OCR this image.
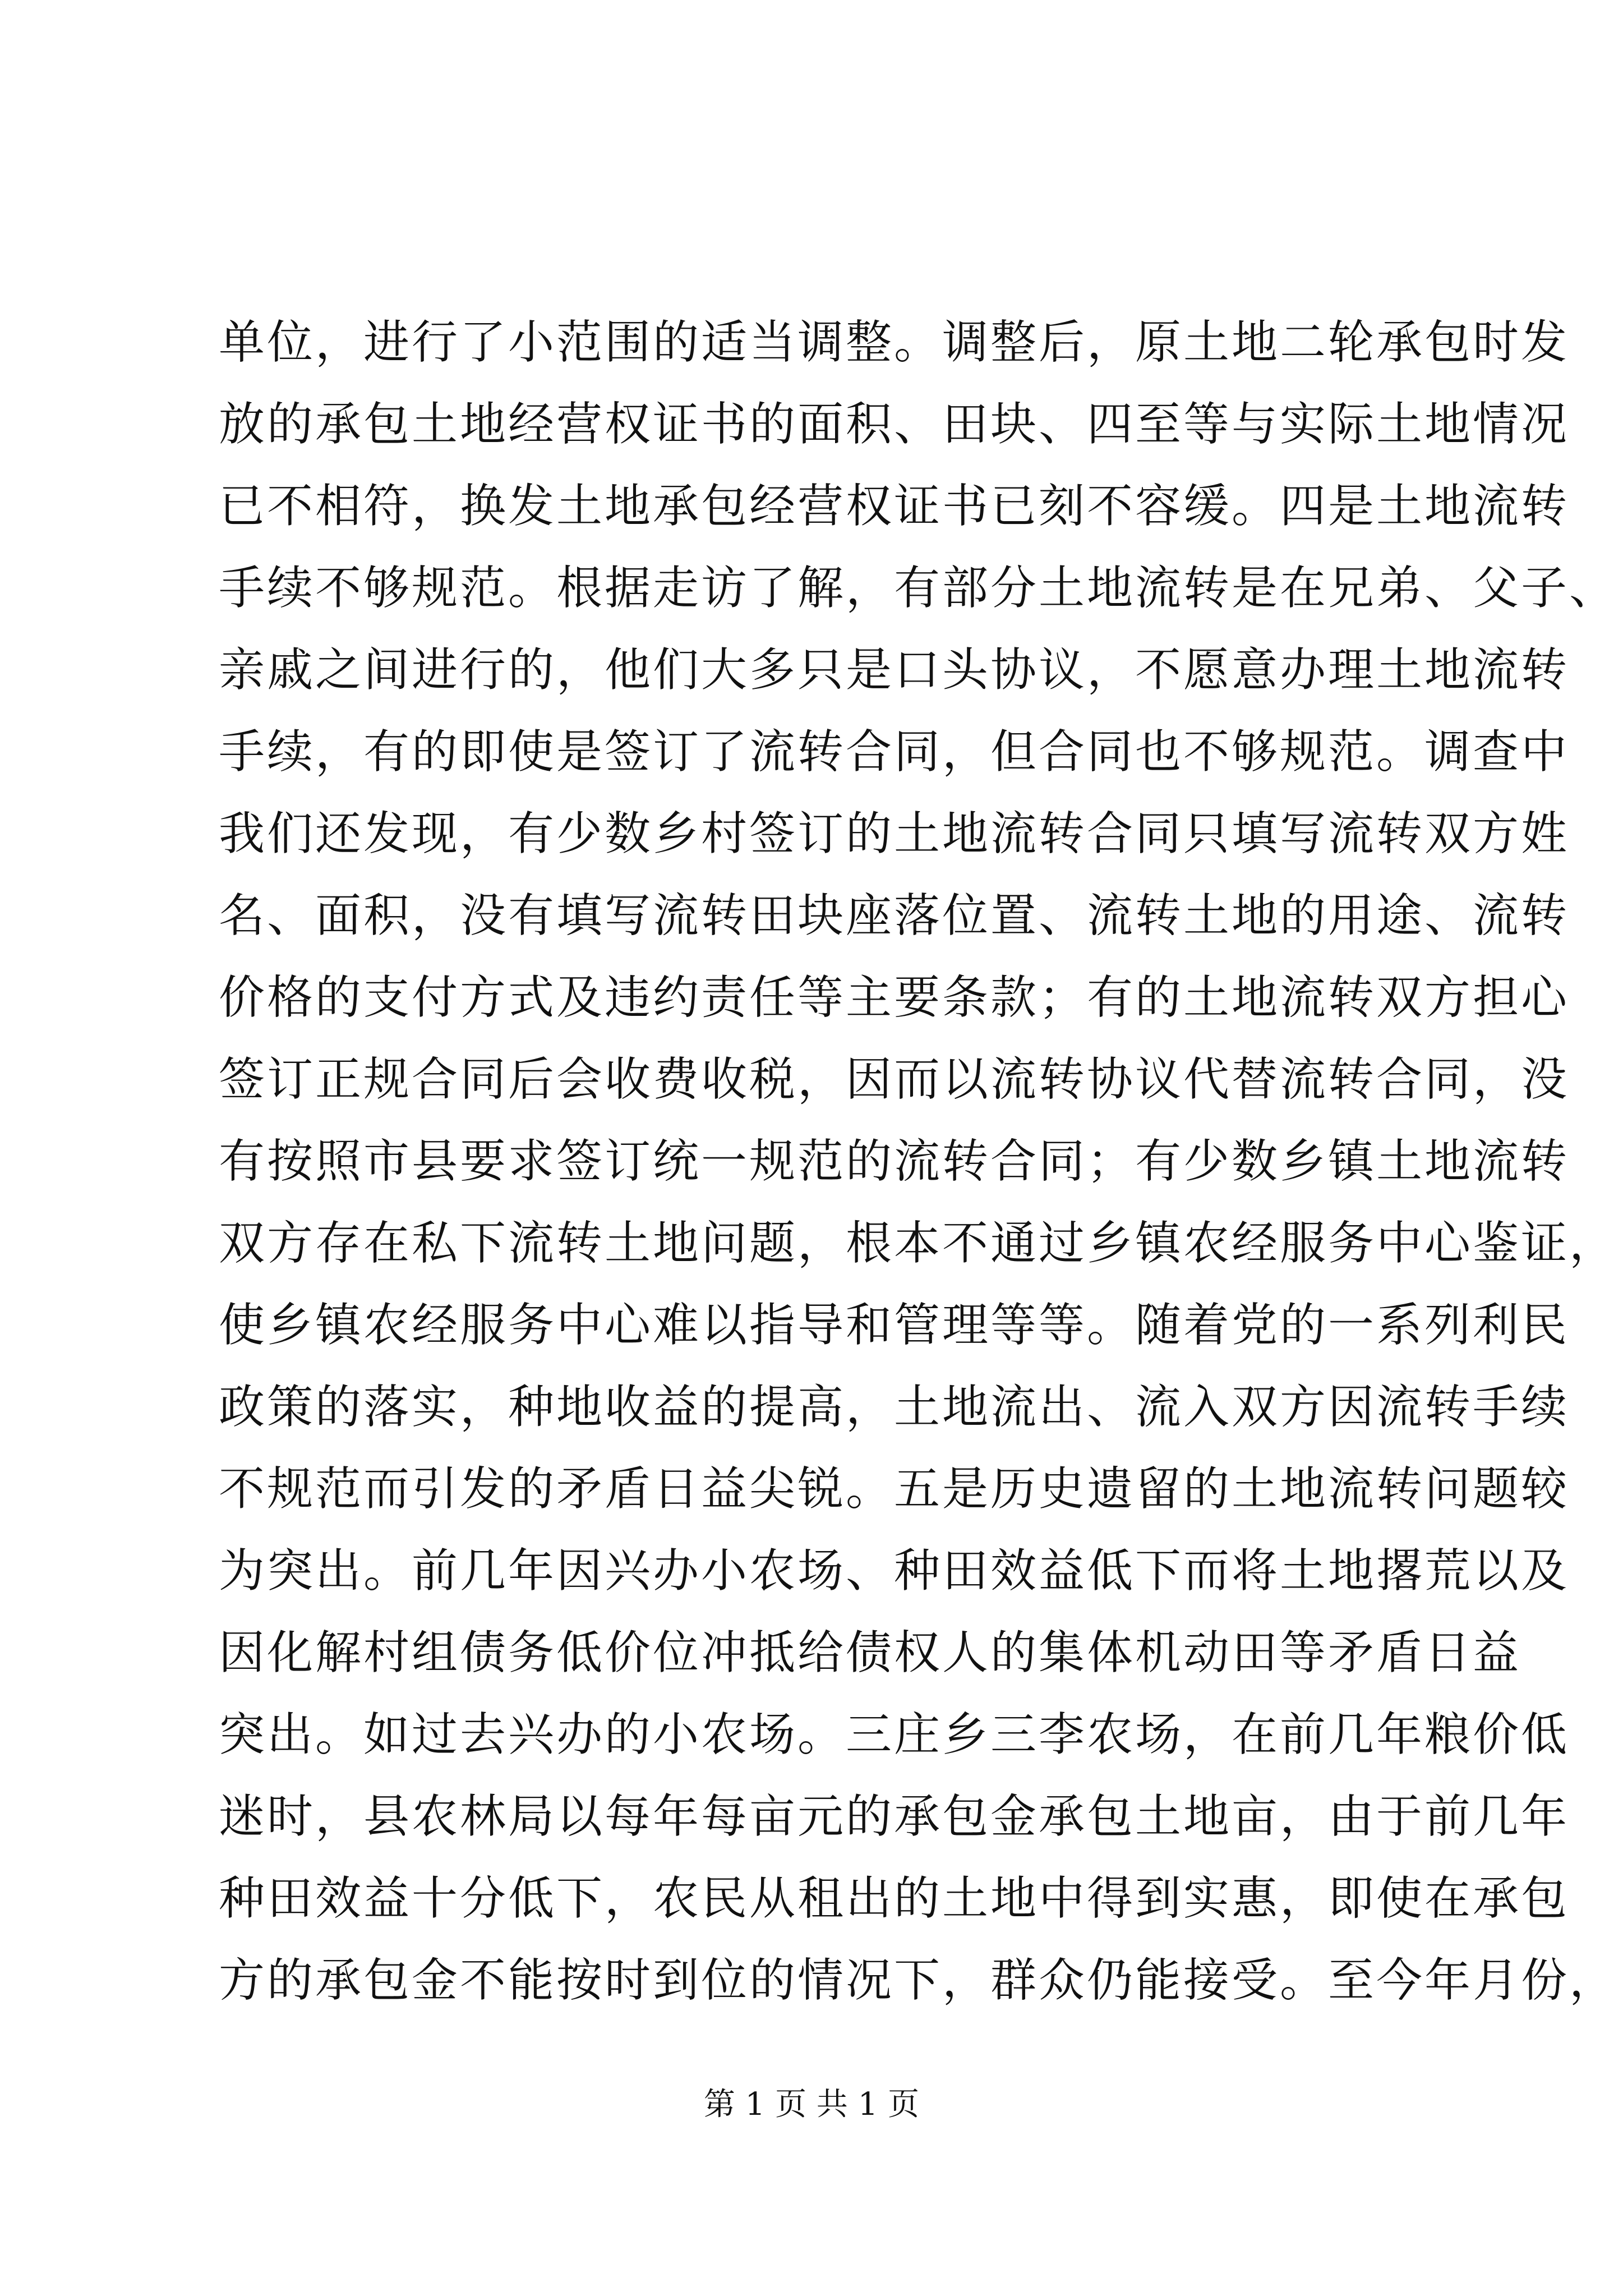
单位，进行了小范围的适当调整。调整后，原土地二轮承包时发
放的承包土地经营权证书的面积、田块、四至等与实际土地情况
已不相符，换发土地承包经营权证书已刻不容缓。四是土地流转
手续不够规范。根据走访了解，有部分土地流转是在兄弟、父子、
亲戚之间进行的，他们大多只是口头协议，不愿意办理土地流转
手续，有的即使是签订了流转合同，但合同也不够规范。调查中
我们还发现，有少数乡村签订的土地流转合同只填写流转双方姓
名、面积，没有填写流转田块座落位置、流转土地的用途、流转
价格的支付方式及违约责任等主要条款；有的土地流转双方担心
签订正规合同后会收费收税，因而以流转协议代替流转合同，没
有按照市县要求签订统一规范的流转合同；有少数乡镇土地流转
双方存在私下流转土地问题，根本不通过乡镇农经服务中心鉴证，
使乡镇农经服务中心难以指导和管理等等。随着党的一系列利民
政策的落实，种地收益的提高，土地流出、流入双方因流转手续
不规范而引发的矛盾日益尖锐。五是历史遗留的土地流转问题较
为突出。前几年因兴办小农场、种田效益低下而将土地撂荒以及
因化解村组债务低价位冲抵给债权人的集体机动田等矛盾日益
突出。如过去兴办的小农场。三庄乡三李农场，在前几年粮价低
迷时，县农林局以每年每亩元的承包金承包土地亩，由于前几年
种田效益十分低下，农民从租出的土地中得到实惠，即使在承包
方的承包金不能按时到位的情况下，群众仍能接受。至今年月份，
第 1 页 共 1 页
